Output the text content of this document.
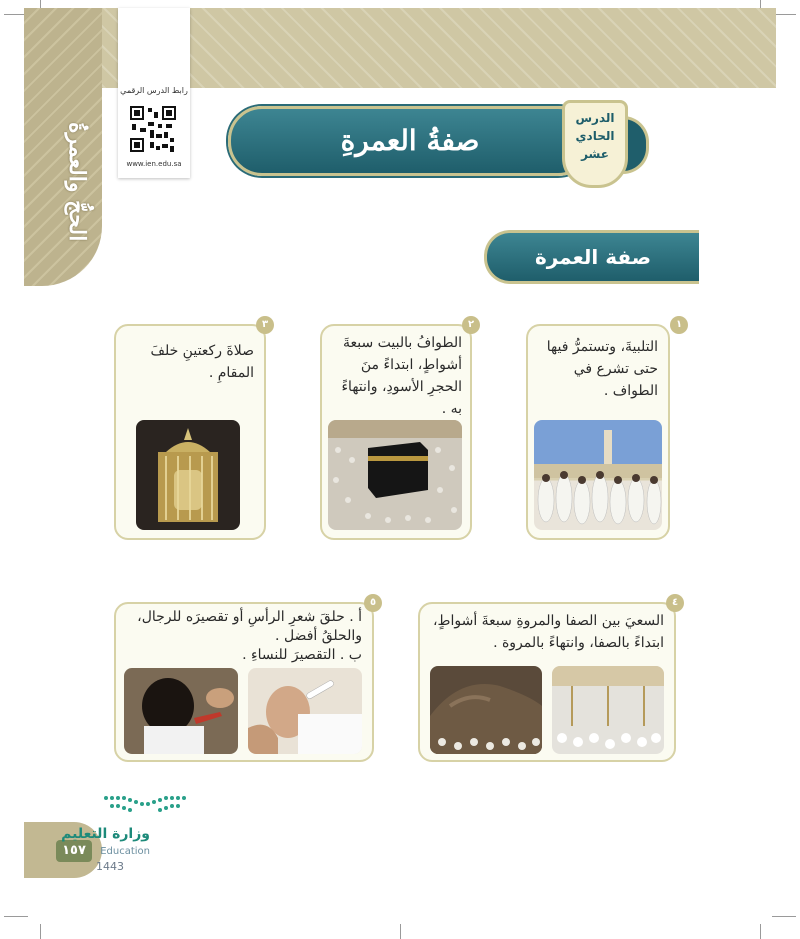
الحجُّ والعمرةُ
رابط الدرس الرقمي
www.ien.edu.sa
صفةُ العمرةِ
الدرس
الحادي
عشر
صفة العمرة
١
التلبيةَ، وتستمرُّ فيها حتى تشرع في الطواف .
٢
الطوافُ بالبيت سبعةَ أشواطٍ، ابتداءً منَ الحجرِ الأسودِ، وانتهاءً به .
٣
صلاةَ ركعتينِ خلفَ المقامِ .
٤
السعيَ بين الصفا والمروةِ سبعةَ أشواطٍ، ابتداءً بالصفا، وانتهاءً بالمروة .
٥
أ . حلقَ شعرِ الرأسِ أو تقصيرَه للرجال، والحلقُ أفضل .
ب . التقصيرَ للنساءِ .
١٥٧
وزارة التعليم
Education
1443
